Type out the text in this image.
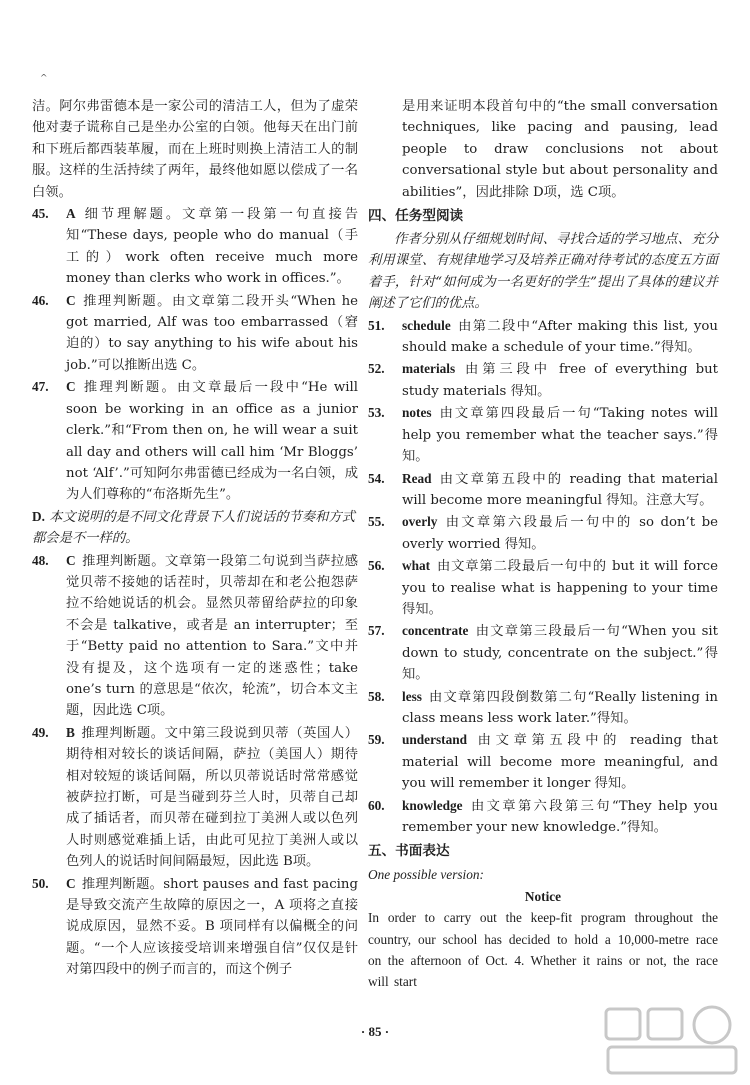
^

洁。阿尔弗雷德本是一家公司的清洁工人，但为了虚荣他对妻子谎称自己是坐办公室的白领。他每天在出门前和下班后都西装革履，而在上班时则换上清洁工人的制服。这样的生活持续了两年，最终他如愿以偿成了一名白领。

45. A 细节理解题。文章第一段第一句直接告知“These days, people who do manual（手工的）work often receive much more money than clerks who work in offices.”。
46. C 推理判断题。由文章第二段开头“When he got married, Alf was too embarrassed（窘迫的）to say anything to his wife about his job.”可以推断出选 C。
47. C 推理判断题。由文章最后一段中“He will soon be working in an office as a junior clerk.”和“From then on, he will wear a suit all day and others will call him ‘Mr Bloggs’ not ‘Alf’.”可知阿尔弗雷德已经成为一名白领，成为人们尊称的“布洛斯先生”。

D. 本文说明的是不同文化背景下人们说话的节奏和方式都会是不一样的。

48. C 推理判断题。文章第一段第二句说到当萨拉感觉贝蒂不接她的话茬时，贝蒂却在和老公抱怨萨拉不给她说话的机会。显然贝蒂留给萨拉的印象不会是 talkative，或者是 an interrupter；至于“Betty paid no attention to Sara.”文中并没有提及，这个选项有一定的迷惑性；take one’s turn 的意思是“依次，轮流”，切合本文主题，因此选 C项。
49. B 推理判断题。文中第三段说到贝蒂（英国人）期待相对较长的谈话间隔，萨拉（美国人）期待相对较短的谈话间隔，所以贝蒂说话时常常感觉被萨拉打断，可是当碰到芬兰人时，贝蒂自己却成了插话者，而贝蒂在碰到拉丁美洲人或以色列人时则感觉难插上话，由此可见拉丁美洲人或以色列人的说话时间间隔最短，因此选 B项。
50. C 推理判断题。short pauses and fast pacing 是导致交流产生故障的原因之一，A 项将之直接说成原因，显然不妥。B 项同样有以偏概全的问题。“一个人应该接受培训来增强自信”仅仅是针对第四段中的例子而言的，而这个例子

是用来证明本段首句中的“the small conversation techniques, like pacing and pausing, lead people to draw conclusions not about conversational style but about personality and abilities”，因此排除 D项，选 C项。

四、任务型阅读

作者分别从仔细规划时间、寻找合适的学习地点、充分利用课堂、有规律地学习及培养正确对待考试的态度五方面着手，针对“如何成为一名更好的学生”提出了具体的建议并阐述了它们的优点。

51. schedule 由第二段中“After making this list, you should make a schedule of your time.”得知。
52. materials 由第三段中 free of everything but study materials 得知。
53. notes 由文章第四段最后一句“Taking notes will help you remember what the teacher says.”得知。
54. Read 由文章第五段中的 reading that material will become more meaningful 得知。注意大写。
55. overly 由文章第六段最后一句中的 so don’t be overly worried 得知。
56. what 由文章第二段最后一句中的 but it will force you to realise what is happening to your time 得知。
57. concentrate 由文章第三段最后一句“When you sit down to study, concentrate on the subject.”得知。
58. less 由文章第四段倒数第二句“Really listening in class means less work later.”得知。
59. understand 由文章第五段中的 reading that material will become more meaningful, and you will remember it longer 得知。
60. knowledge 由文章第六段第三句“They help you remember your new knowledge.”得知。
五、书面表达

One possible version:

Notice

In order to carry out the keep-fit program throughout the country, our school has decided to hold a 10,000-metre race on the afternoon of Oct. 4. Whether it rains or not, the race will start

· 85 ·
